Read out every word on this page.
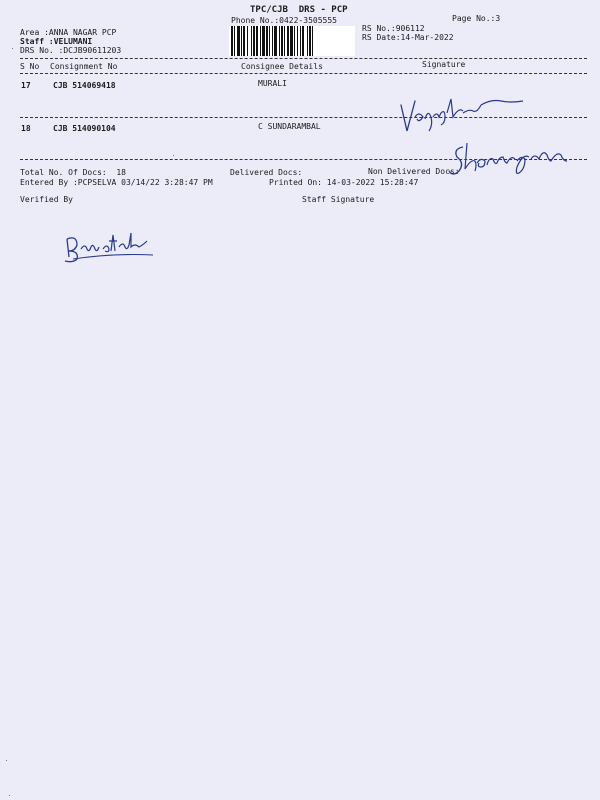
TPC/CJB  DRS - PCP
Phone No.:0422-3505555	Page No.:3
Area :ANNA NAGAR PCP
Staff :VELUMANI
DRS No. :DCJB90611203
RS No.:906112
RS Date:14-Mar-2022
S No Consignment No	Consignee Details	Signature
17	CJB 514069418	MURALI
18	CJB 514090104	C SUNDARAMBAL

Total No. Of Docs:  18	Delivered Docs:	Non Delivered Docs:
Entered By :PCPSELVA 03/14/22 3:28:47 PM	Printed On: 14-03-2022 15:28:47
Verified By	Staff Signature
